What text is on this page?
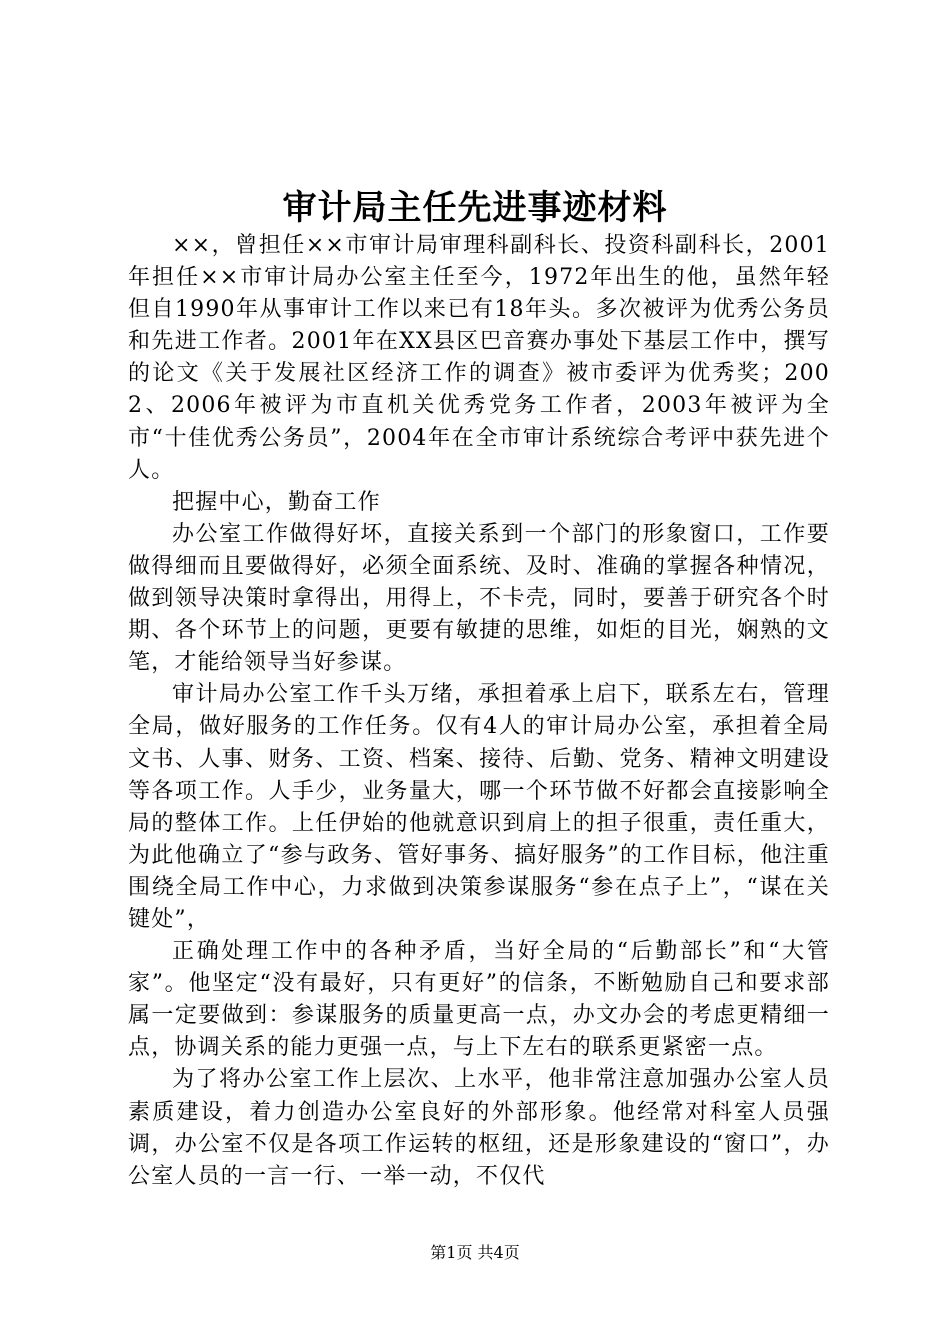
审计局主任先进事迹材料

××，曾担任××市审计局审理科副科长、投资科副科长，2001年担任××市审计局办公室主任至今，1972年出生的他，虽然年轻但自1990年从事审计工作以来已有18年头。多次被评为优秀公务员和先进工作者。2001年在XX县区巴音赛办事处下基层工作中，撰写的论文《关于发展社区经济工作的调查》被市委评为优秀奖；2002、2006年被评为市直机关优秀党务工作者，2003年被评为全市“十佳优秀公务员”，2004年在全市审计系统综合考评中获先进个人。

把握中心，勤奋工作

办公室工作做得好坏，直接关系到一个部门的形象窗口，工作要做得细而且要做得好，必须全面系统、及时、准确的掌握各种情况，做到领导决策时拿得出，用得上，不卡壳，同时，要善于研究各个时期、各个环节上的问题，更要有敏捷的思维，如炬的目光，娴熟的文笔，才能给领导当好参谋。

审计局办公室工作千头万绪，承担着承上启下，联系左右，管理全局，做好服务的工作任务。仅有4人的审计局办公室，承担着全局文书、人事、财务、工资、档案、接待、后勤、党务、精神文明建设等各项工作。人手少，业务量大，哪一个环节做不好都会直接影响全局的整体工作。上任伊始的他就意识到肩上的担子很重，责任重大，为此他确立了“参与政务、管好事务、搞好服务”的工作目标，他注重围绕全局工作中心，力求做到决策参谋服务“参在点子上”，“谋在关键处”，

正确处理工作中的各种矛盾，当好全局的“后勤部长”和“大管家”。他坚定“没有最好，只有更好”的信条，不断勉励自己和要求部属一定要做到：参谋服务的质量更高一点，办文办会的考虑更精细一点，协调关系的能力更强一点，与上下左右的联系更紧密一点。

为了将办公室工作上层次、上水平，他非常注意加强办公室人员素质建设，着力创造办公室良好的外部形象。他经常对科室人员强调，办公室不仅是各项工作运转的枢纽，还是形象建设的“窗口”，办公室人员的一言一行、一举一动，不仅代

第1页 共4页
